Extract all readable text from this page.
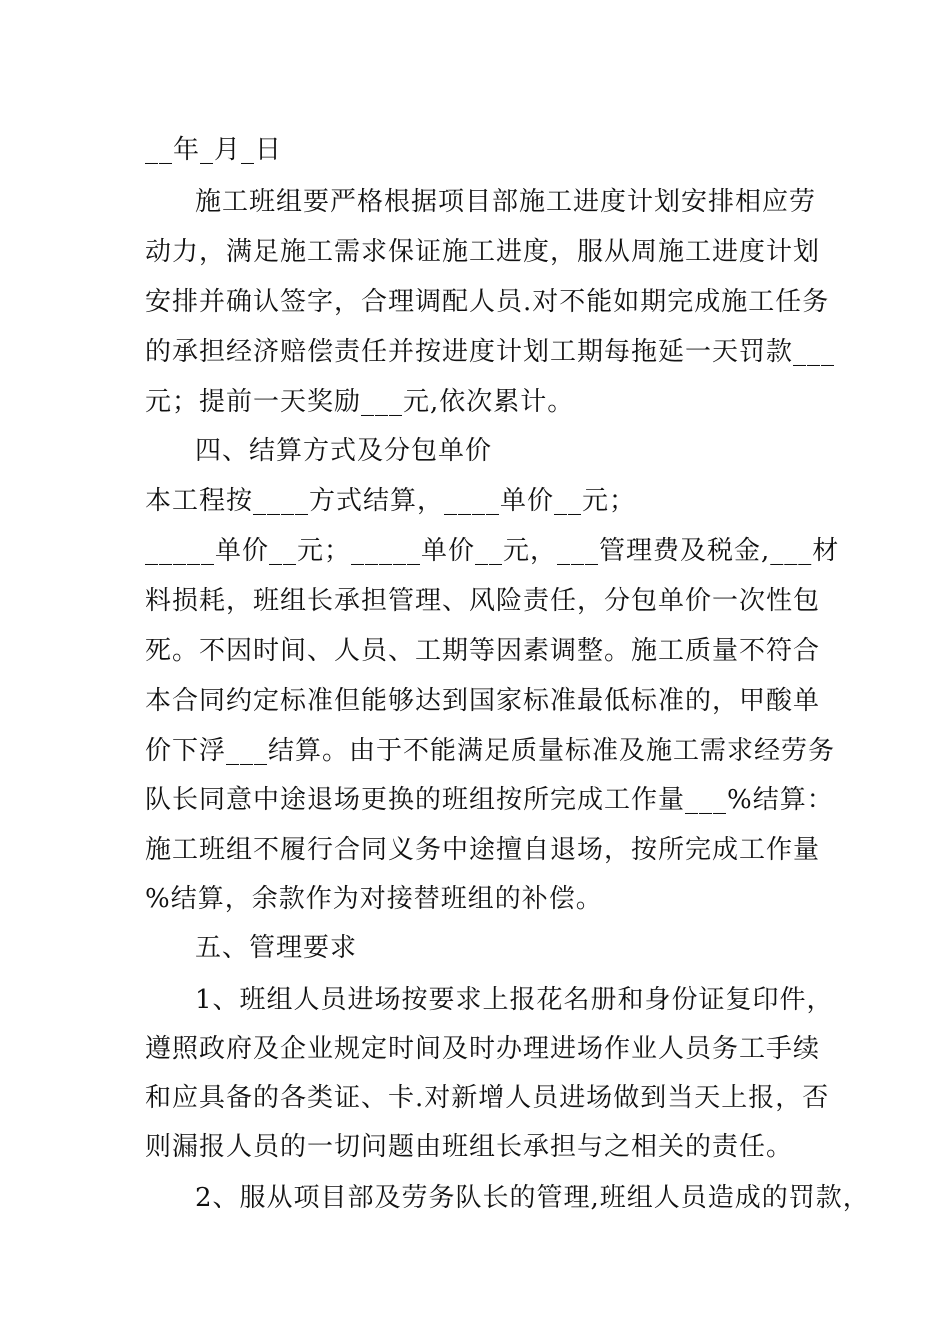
__年_月_日
施工班组要严格根据项目部施工进度计划安排相应劳
动力，满足施工需求保证施工进度，服从周施工进度计划
安排并确认签字，合理调配人员.对不能如期完成施工任务
的承担经济赔偿责任并按进度计划工期每拖延一天罚款___
元；提前一天奖励___元,依次累计。
四、结算方式及分包单价
本工程按____方式结算，____单价__元；
_____单价__元；_____单价__元，___管理费及税金,___材
料损耗，班组长承担管理、风险责任，分包单价一次性包
死。不因时间、人员、工期等因素调整。施工质量不符合
本合同约定标准但能够达到国家标准最低标准的，甲酸单
价下浮___结算。由于不能满足质量标准及施工需求经劳务
队长同意中途退场更换的班组按所完成工作量___%结算：
施工班组不履行合同义务中途擅自退场，按所完成工作量
%结算，余款作为对接替班组的补偿。
五、管理要求
1、班组人员进场按要求上报花名册和身份证复印件，
遵照政府及企业规定时间及时办理进场作业人员务工手续
和应具备的各类证、卡.对新增人员进场做到当天上报，否
则漏报人员的一切问题由班组长承担与之相关的责任。
2、服从项目部及劳务队长的管理,班组人员造成的罚款，
